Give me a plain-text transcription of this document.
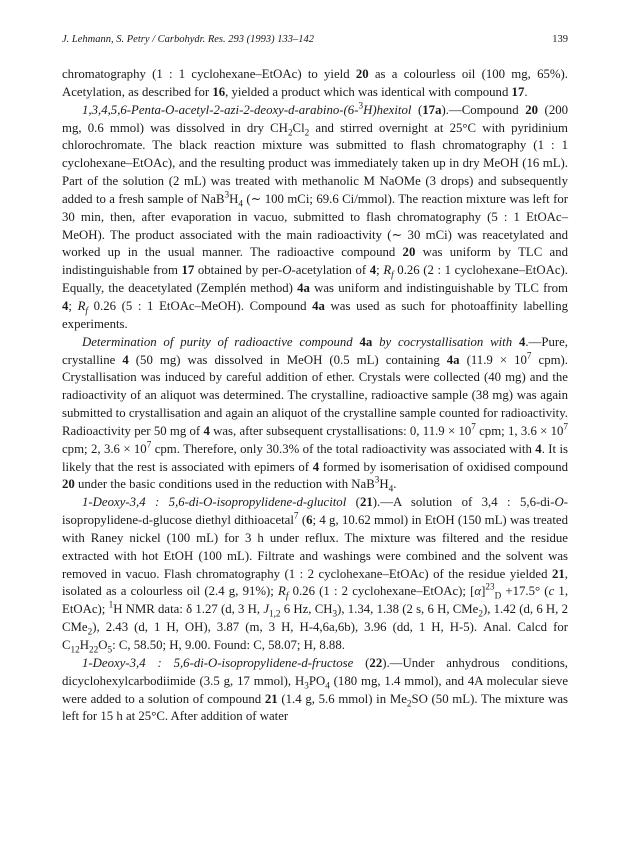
J. Lehmann, S. Petry / Carbohydr. Res. 293 (1993) 133–142	139

chromatography (1 : 1 cyclohexane–EtOAc) to yield 20 as a colourless oil (100 mg, 65%). Acetylation, as described for 16, yielded a product which was identical with compound 17.

1,3,4,5,6-Penta-O-acetyl-2-azi-2-deoxy-d-arabino-(6-$^3$H)hexitol (17a).—Compound 20 (200 mg, 0.6 mmol) was dissolved in dry $CH_2Cl_2$ and stirred overnight at 25°C with pyridinium chlorochromate. The black reaction mixture was submitted to flash chromatography (1 : 1 cyclohexane–EtOAc), and the resulting product was immediately taken up in dry MeOH (16 mL). Part of the solution (2 mL) was treated with methanolic M NaOMe (3 drops) and subsequently added to a fresh sample of $NaB^3H_4$ (∼ 100 mCi; 69.6 Ci/mmol). The reaction mixture was left for 30 min, then, after evaporation in vacuo, submitted to flash chromatography (5 : 1 EtOAc–MeOH). The product associated with the main radioactivity (∼ 30 mCi) was reacetylated and worked up in the usual manner. The radioactive compound 20 was uniform by TLC and indistinguishable from 17 obtained by per-O-acetylation of 4; $R_f$ 0.26 (2 : 1 cyclohexane–EtOAc). Equally, the deacetylated (Zemplén method) 4a was uniform and indistinguishable by TLC from 4; $R_f$ 0.26 (5 : 1 EtOAc–MeOH). Compound 4a was used as such for photoaffinity labelling experiments.

Determination of purity of radioactive compound 4a by cocrystallisation with 4.—Pure, crystalline 4 (50 mg) was dissolved in MeOH (0.5 mL) containing 4a ($11.9 \times 10^7$ cpm). Crystallisation was induced by careful addition of ether. Crystals were collected (40 mg) and the radioactivity of an aliquot was determined. The crystalline, radioactive sample (38 mg) was again submitted to crystallisation and again an aliquot of the crystalline sample counted for radioactivity. Radioactivity per 50 mg of 4 was, after subsequent crystallisations: 0, $11.9 \times 10^7$ cpm; 1, $3.6 \times 10^7$ cpm; 2, $3.6 \times 10^7$ cpm. Therefore, only 30.3% of the total radioactivity was associated with 4. It is likely that the rest is associated with epimers of 4 formed by isomerisation of oxidised compound 20 under the basic conditions used in the reduction with $NaB^3H_4$.

1-Deoxy-3,4 : 5,6-di-O-isopropylidene-d-glucitol (21).—A solution of 3,4 : 5,6-di-O-isopropylidene-d-glucose diethyl dithioacetal$^7$ (6; 4 g, 10.62 mmol) in EtOH (150 mL) was treated with Raney nickel (100 mL) for 3 h under reflux. The mixture was filtered and the residue extracted with hot EtOH (100 mL). Filtrate and washings were combined and the solvent was removed in vacuo. Flash chromatography (1 : 2 cyclohexane–EtOAc) of the residue yielded 21, isolated as a colourless oil (2.4 g, 91%); $R_f$ 0.26 (1 : 2 cyclohexane–EtOAc); $[\alpha]^{23}_D +17.5^\circ$ (c 1, EtOAc); $^1$H NMR data: δ 1.27 (d, 3 H, $J_{1,2}$ 6 Hz, $CH_3$), 1.34, 1.38 (2 s, 6 H, CMe$_2$), 1.42 (d, 6 H, 2 CMe$_2$), 2.43 (d, 1 H, OH), 3.87 (m, 3 H, H-4,6a,6b), 3.96 (dd, 1 H, H-5). Anal. Calcd for $C_{12}H_{22}O_5$: C, 58.50; H, 9.00. Found: C, 58.07; H, 8.88.

1-Deoxy-3,4 : 5,6-di-O-isopropylidene-d-fructose (22).—Under anhydrous conditions, dicyclohexylcarbodiimide (3.5 g, 17 mmol), $H_3PO_4$ (180 mg, 1.4 mmol), and 4A molecular sieve were added to a solution of compound 21 (1.4 g, 5.6 mmol) in $Me_2SO$ (50 mL). The mixture was left for 15 h at 25°C. After addition of water
